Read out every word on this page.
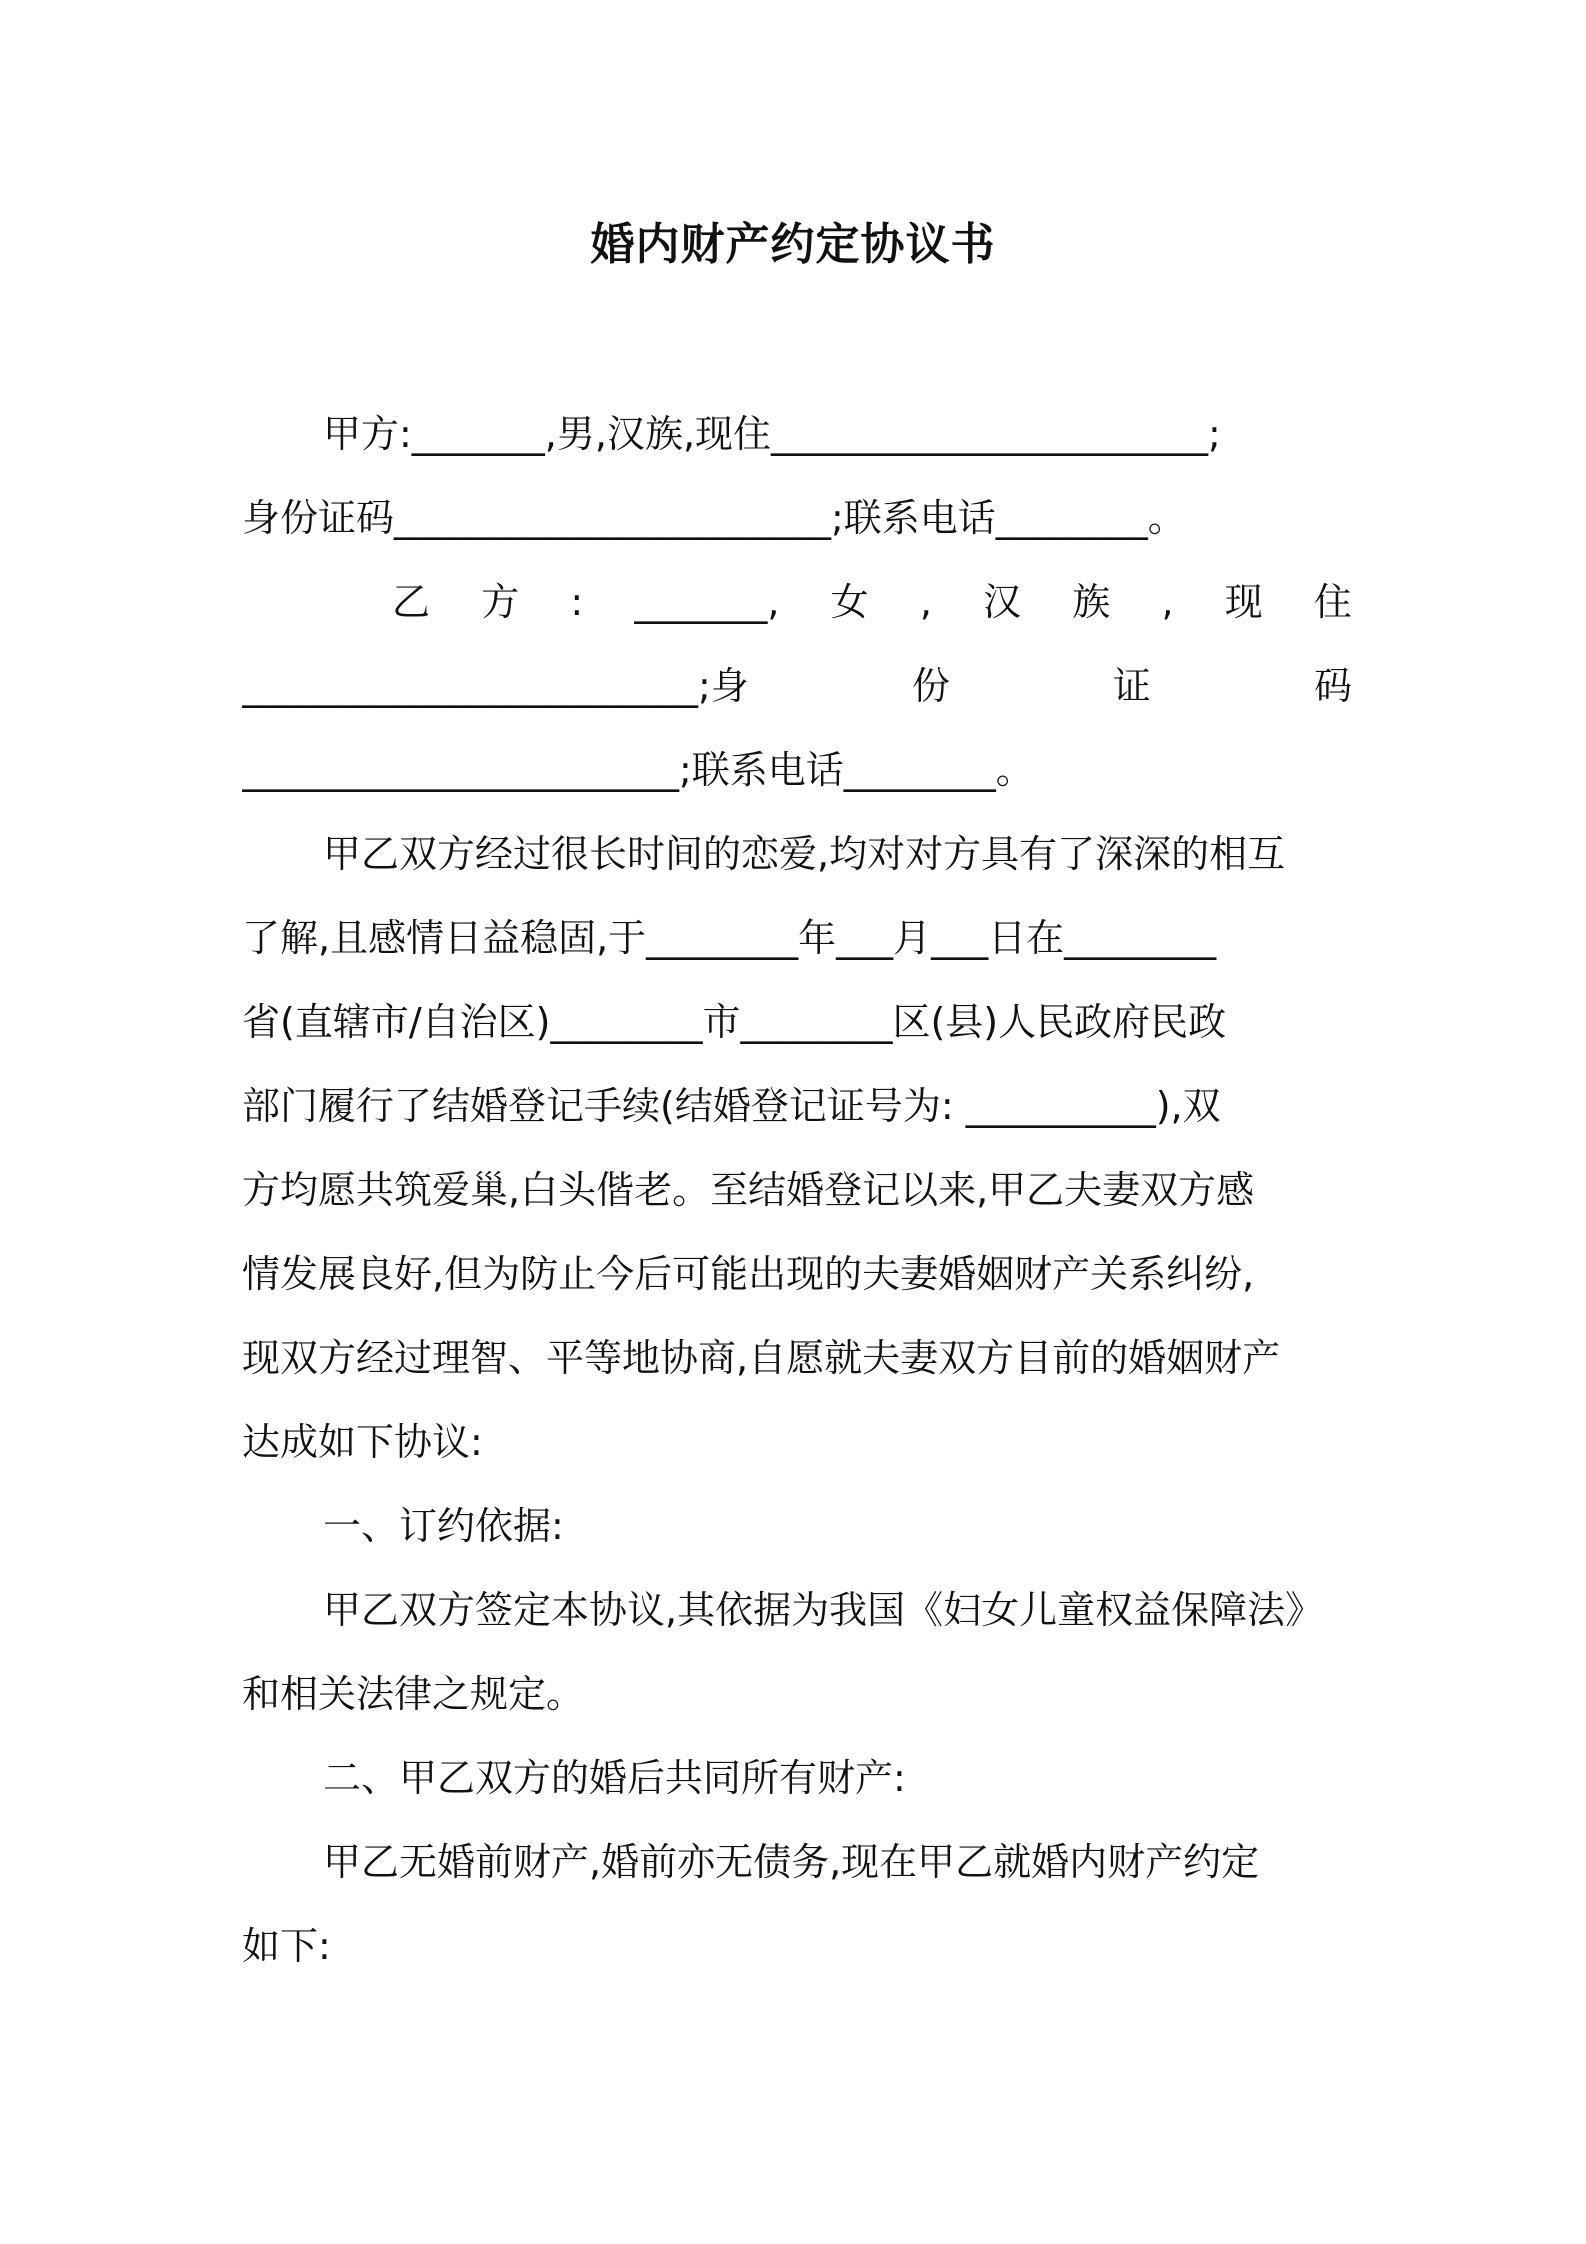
婚内财产约定协议书
甲方:_______,男,汉族,现住_______________________;
身份证码_______________________;联系电话________。
乙 方 : _______, 女 , 汉 族 , 现 住
________________________;身	份	证	码
_______________________;联系电话________。
甲乙双方经过很长时间的恋爱,均对对方具有了深深的相互
了解,且感情日益稳固,于________年___月___日在________
省(直辖市/自治区)________市________区(县)人民政府民政
部门履行了结婚登记手续(结婚登记证号为: __________),双
方均愿共筑爱巢,白头偕老。至结婚登记以来,甲乙夫妻双方感
情发展良好,但为防止今后可能出现的夫妻婚姻财产关系纠纷,
现双方经过理智、平等地协商,自愿就夫妻双方目前的婚姻财产
达成如下协议:
一、订约依据:
甲乙双方签定本协议,其依据为我国《妇女儿童权益保障法》
和相关法律之规定。
二、甲乙双方的婚后共同所有财产:
甲乙无婚前财产,婚前亦无债务,现在甲乙就婚内财产约定
如下:
